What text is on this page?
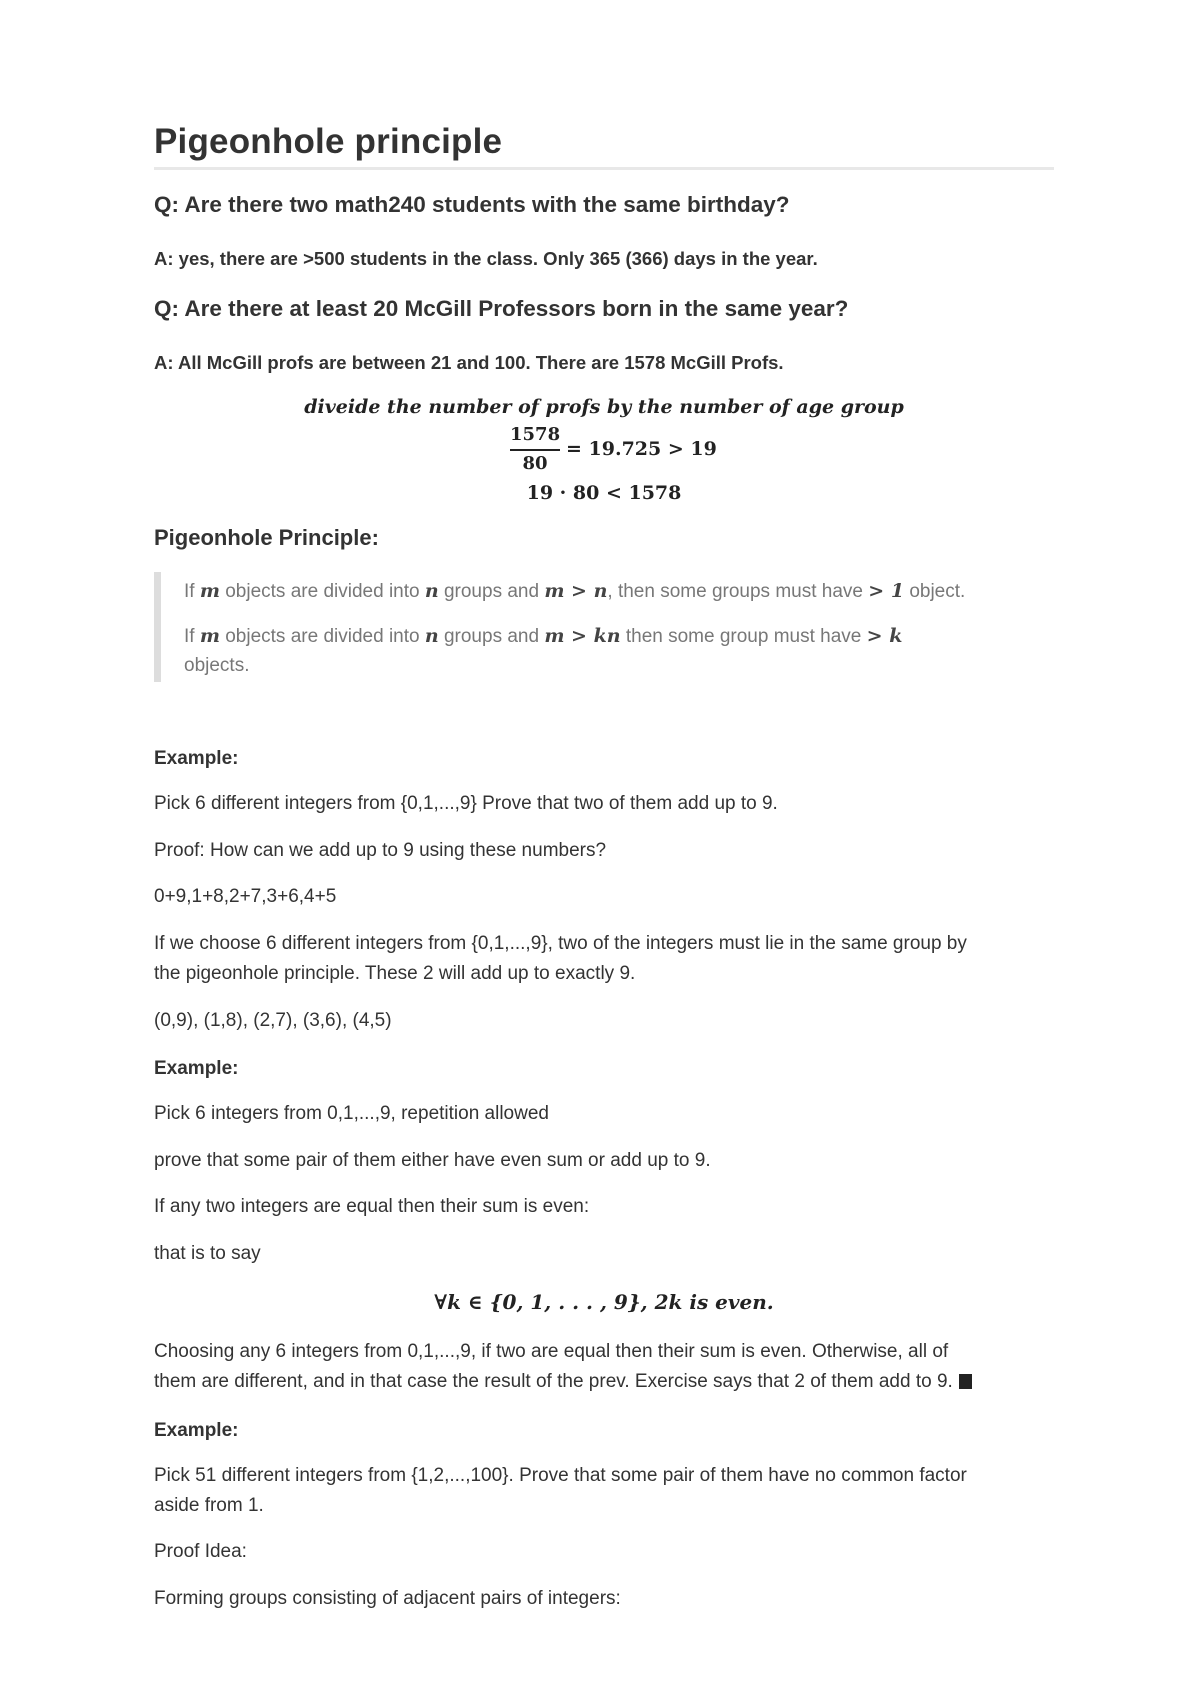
Pigeonhole principle

Q: Are there two math240 students with the same birthday?

A: yes, there are >500 students in the class. Only 365 (366) days in the year.

Q: Are there at least 20 McGill Professors born in the same year?

A: All McGill profs are between 21 and 100. There are 1578 McGill Profs.

diveide the number of profs by the number of age group
1578
80
= 19.725 > 19
19 · 80 < 1578

Pigeonhole Principle:

If m objects are divided into n groups and m > n, then some groups must have > 1 object.
If m objects are divided into n groups and m > kn then some group must have > k
objects.

Example:

Pick 6 different integers from {0,1,...,9} Prove that two of them add up to 9.

Proof: How can we add up to 9 using these numbers?

0+9,1+8,2+7,3+6,4+5

If we choose 6 different integers from {0,1,...,9}, two of the integers must lie in the same group by

the pigeonhole principle. These 2 will add up to exactly 9.

(0,9), (1,8), (2,7), (3,6), (4,5)

Example:

Pick 6 integers from 0,1,...,9, repetition allowed

prove that some pair of them either have even sum or add up to 9.

If any two integers are equal then their sum is even:

that is to say

∀k ∈ {0, 1, . . . , 9}, 2k is even.

Choosing any 6 integers from 0,1,...,9, if two are equal then their sum is even. Otherwise, all of

them are different, and in that case the result of the prev. Exercise says that 2 of them add to 9.

Example:

Pick 51 different integers from {1,2,...,100}. Prove that some pair of them have no common factor

aside from 1.

Proof Idea:

Forming groups consisting of adjacent pairs of integers:
